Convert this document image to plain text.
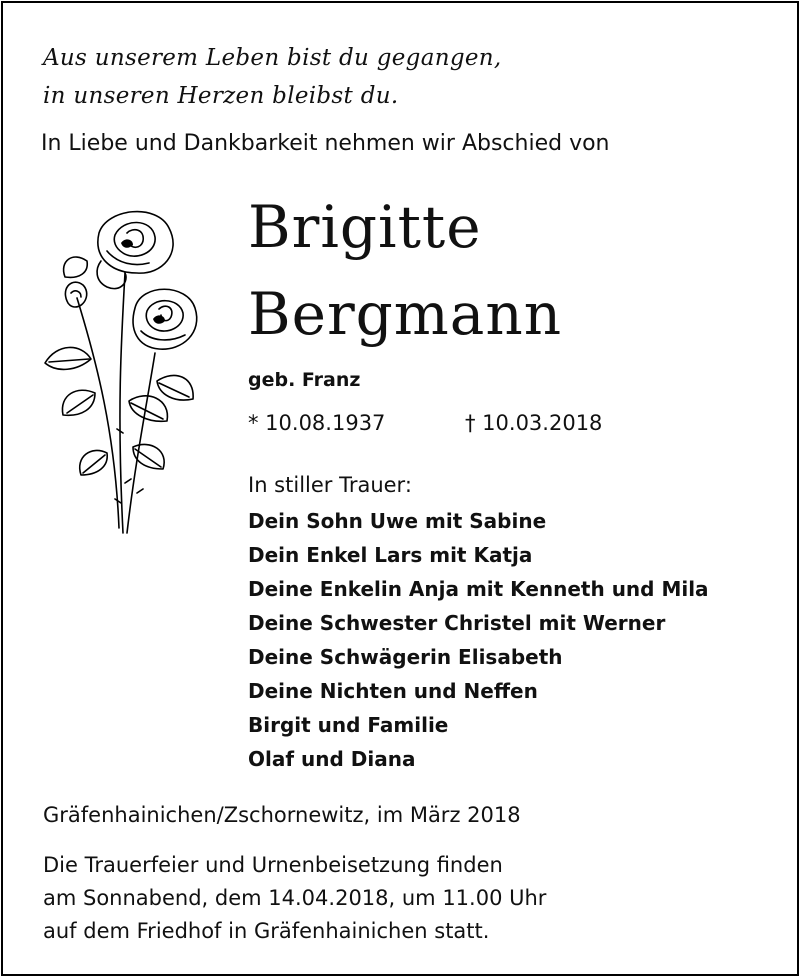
Aus unserem Leben bist du gegangen,
in unseren Herzen bleibst du.
In Liebe und Dankbarkeit nehmen wir Abschied von
Brigitte
Bergmann
geb. Franz
* 10.08.1937	† 10.03.2018
In stiller Trauer:
Dein Sohn Uwe mit Sabine
Dein Enkel Lars mit Katja
Deine Enkelin Anja mit Kenneth und Mila
Deine Schwester Christel mit Werner
Deine Schwägerin Elisabeth
Deine Nichten und Neffen
Birgit und Familie
Olaf und Diana
Gräfenhainichen/Zschornewitz, im März 2018
Die Trauerfeier und Urnenbeisetzung finden
am Sonnabend, dem 14.04.2018, um 11.00 Uhr
auf dem Friedhof in Gräfenhainichen statt.
